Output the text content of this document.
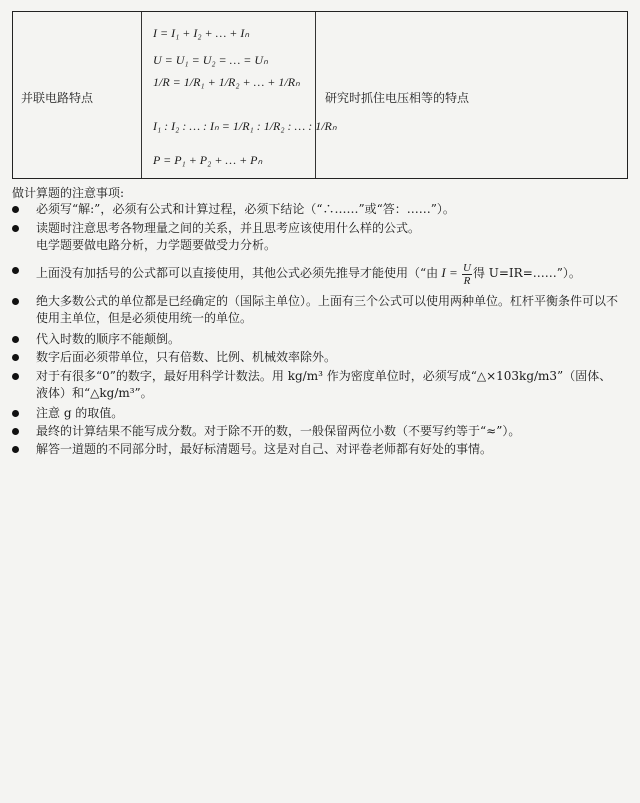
并联电路特点
I = I₁ + I₂ + … + Iₙ
U = U₁ = U₂ = … = Uₙ
1/R = 1/R₁ + 1/R₂ + … + 1/Rₙ
I₁ : I₂ : … : Iₙ = 1/R₁ : 1/R₂ : … : 1/Rₙ
P = P₁ + P₂ + … + Pₙ
研究时抓住电压相等的特点
做计算题的注意事项:
必须写“解:”，必须有公式和计算过程，必须下结论（“∴……”或“答：……”）。
读题时注意思考各物理量之间的关系，并且思考应该使用什么样的公式。
电学题要做电路分析，力学题要做受力分析。
上面没有加括号的公式都可以直接使用，其他公式必须先推导才能使用（“由 $I = \frac{U}{R}$ 得 U=IR=……”）。
绝大多数公式的单位都是已经确定的（国际主单位）。上面有三个公式可以使用两种单位。杠杆平衡条件可以不
使用主单位，但是必须使用统一的单位。
代入时数的顺序不能颠倒。
数字后面必须带单位，只有倍数、比例、机械效率除外。
对于有很多“0”的数字，最好用科学计数法。用 kg/m³ 作为密度单位时，必须写成“△×103kg/m3”（固体、
液体）和“△kg/m³”。
注意 g 的取值。
最终的计算结果不能写成分数。对于除不开的数，一般保留两位小数（不要写约等于“≈”）。
解答一道题的不同部分时，最好标清题号。这是对自己、对评卷老师都有好处的事情。
